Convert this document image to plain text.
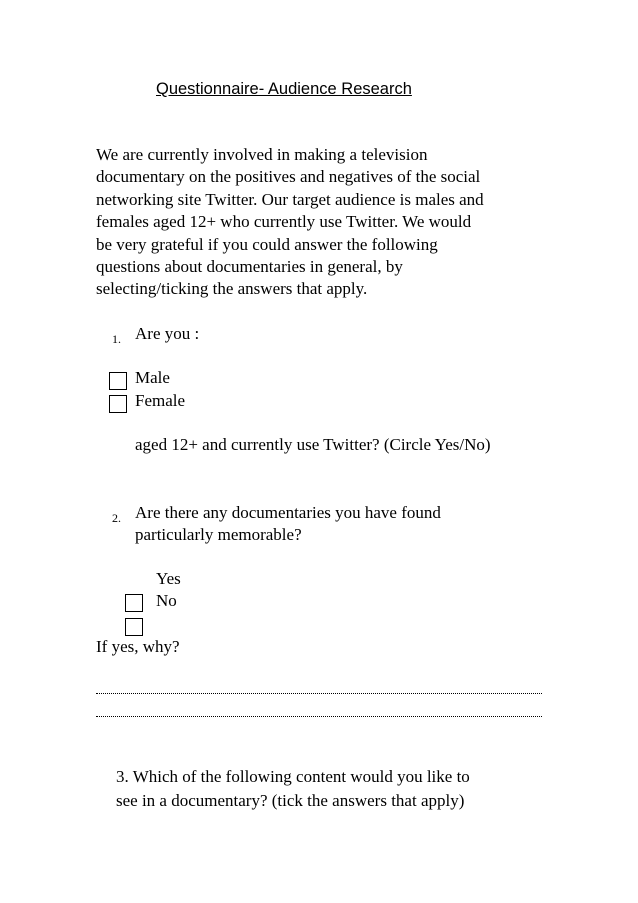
Questionnaire- Audience Research
We are currently involved in making a television
documentary on the positives and negatives of the social
networking site Twitter. Our target audience is males and
females aged 12+ who currently use Twitter. We would
be very grateful if you could answer the following
questions about documentaries in general, by
selecting/ticking the answers that apply.
1. Are you :
Male
Female
aged 12+ and currently use Twitter? (Circle Yes/No)
2. Are there any documentaries you have found
particularly memorable?
Yes
No
If yes, why?
3. Which of the following content would you like to
see in a documentary? (tick the answers that apply)
